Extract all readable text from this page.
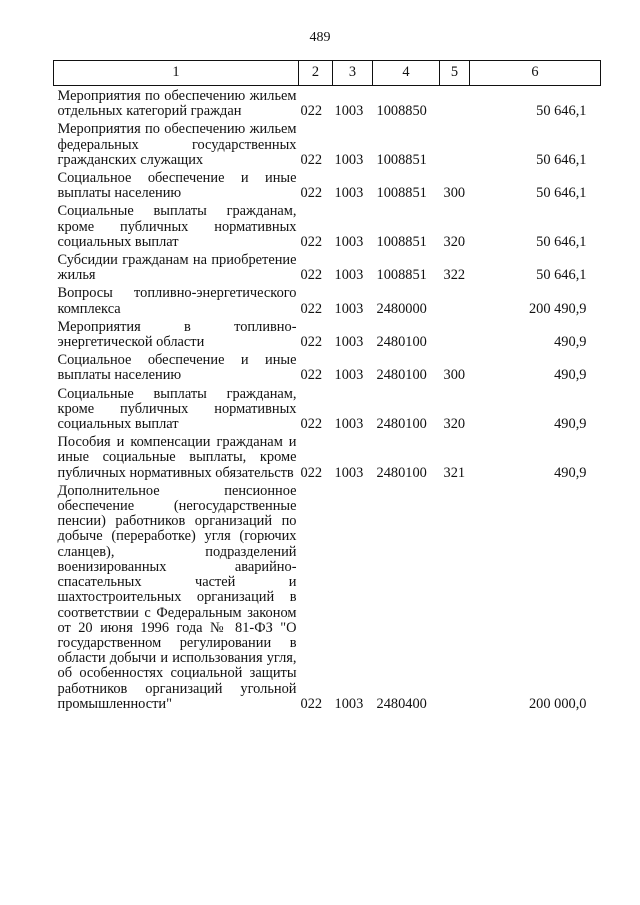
489
1	2	3	4	5	6
Мероприятия по обеспечению жильем отдельных категорий граждан	022	1003	1008850		50 646,1
Мероприятия по обеспечению жильем федеральных государственных гражданских служащих	022	1003	1008851		50 646,1
Социальное обеспечение и иные выплаты населению	022	1003	1008851	300	50 646,1
Социальные выплаты гражданам, кроме публичных нормативных социальных выплат	022	1003	1008851	320	50 646,1
Субсидии гражданам на приобретение жилья	022	1003	1008851	322	50 646,1
Вопросы топливно-энергетического комплекса	022	1003	2480000		200 490,9
Мероприятия в топливно-энергетической области	022	1003	2480100		490,9
Социальное обеспечение и иные выплаты населению	022	1003	2480100	300	490,9
Социальные выплаты гражданам, кроме публичных нормативных социальных выплат	022	1003	2480100	320	490,9
Пособия и компенсации гражданам и иные социальные выплаты, кроме публичных нормативных обязательств	022	1003	2480100	321	490,9
Дополнительное пенсионное обеспечение (негосударственные пенсии) работников организаций по добыче (переработке) угля (горючих сланцев), подразделений военизированных аварийно-спасательных частей и шахтостроительных организаций в соответствии с Федеральным законом от 20 июня 1996 года № 81-ФЗ "О государственном регулировании в области добычи и использования угля, об особенностях социальной защиты работников организаций угольной промышленности"	022	1003	2480400		200 000,0
